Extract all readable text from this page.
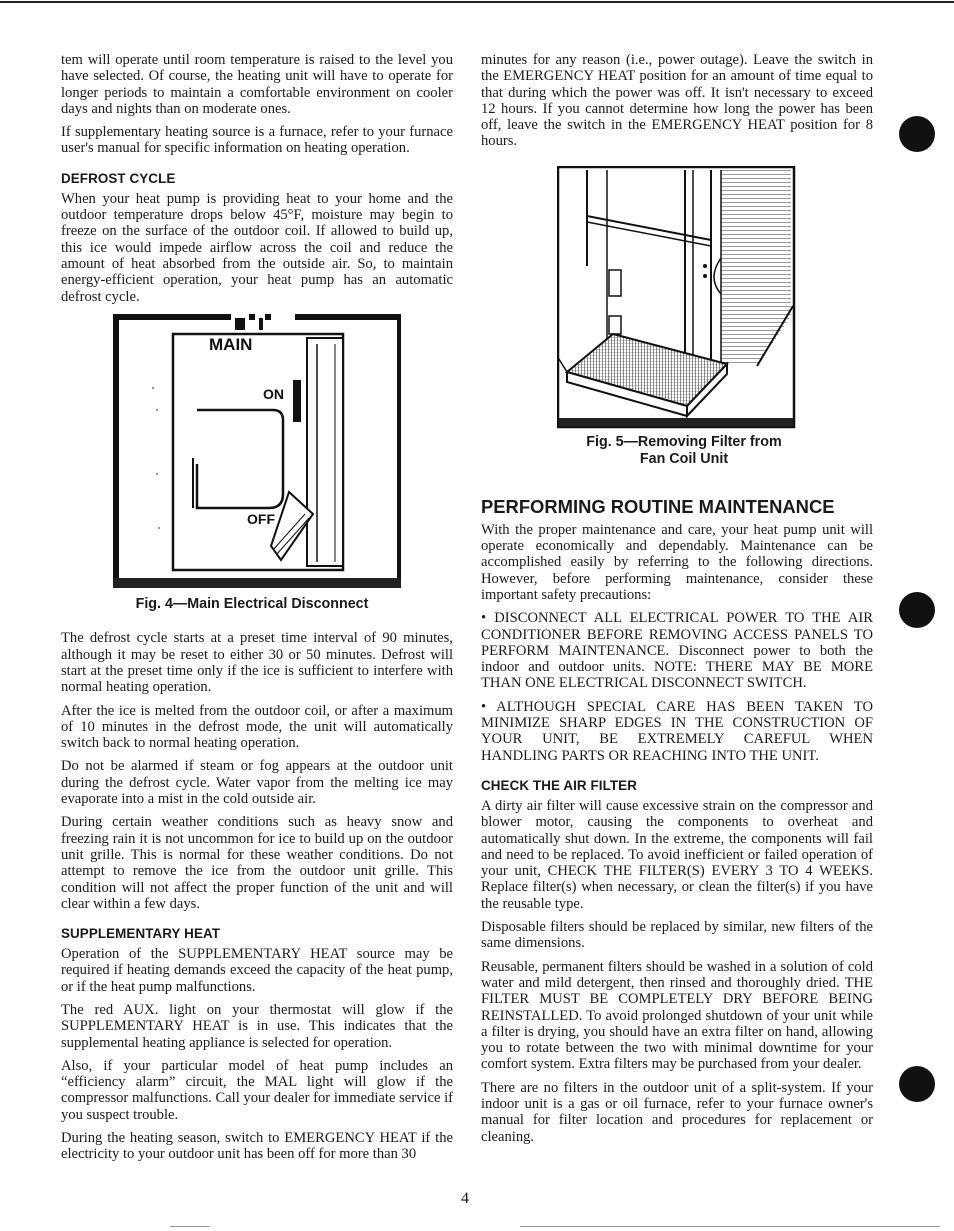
tem will operate until room temperature is raised to the level you have selected. Of course, the heating unit will have to operate for longer periods to maintain a comfortable environment on cooler days and nights than on moderate ones.

If supplementary heating source is a furnace, refer to your furnace user's manual for specific information on heating operation.

DEFROST CYCLE

When your heat pump is providing heat to your home and the outdoor temperature drops below 45°F, moisture may begin to freeze on the surface of the outdoor coil. If allowed to build up, this ice would impede airflow across the coil and reduce the amount of heat absorbed from the outside air. So, to maintain energy-efficient operation, your heat pump has an automatic defrost cycle.

MAIN
ON
OFF
Fig. 4—Main Electrical Disconnect

The defrost cycle starts at a preset time interval of 90 minutes, although it may be reset to either 30 or 50 minutes. Defrost will start at the preset time only if the ice is sufficient to interfere with normal heating operation.

After the ice is melted from the outdoor coil, or after a maximum of 10 minutes in the defrost mode, the unit will automatically switch back to normal heating operation.

Do not be alarmed if steam or fog appears at the outdoor unit during the defrost cycle. Water vapor from the melting ice may evaporate into a mist in the cold outside air.

During certain weather conditions such as heavy snow and freezing rain it is not uncommon for ice to build up on the outdoor unit grille. This is normal for these weather conditions. Do not attempt to remove the ice from the outdoor unit grille. This condition will not affect the proper function of the unit and will clear within a few days.

SUPPLEMENTARY HEAT

Operation of the SUPPLEMENTARY HEAT source may be required if heating demands exceed the capacity of the heat pump, or if the heat pump malfunctions.

The red AUX. light on your thermostat will glow if the SUPPLEMENTARY HEAT is in use. This indicates that the supplemental heating appliance is selected for operation.

Also, if your particular model of heat pump includes an “efficiency alarm” circuit, the MAL light will glow if the compressor malfunctions. Call your dealer for immediate service if you suspect trouble.

During the heating season, switch to EMERGENCY HEAT if the electricity to your outdoor unit has been off for more than 30

minutes for any reason (i.e., power outage). Leave the switch in the EMERGENCY HEAT position for an amount of time equal to that during which the power was off. It isn't necessary to exceed 12 hours. If you cannot determine how long the power has been off, leave the switch in the EMERGENCY HEAT position for 8 hours.

Fig. 5—Removing Filter from
Fan Coil Unit
PERFORMING ROUTINE MAINTENANCE

With the proper maintenance and care, your heat pump unit will operate economically and dependably. Maintenance can be accomplished easily by referring to the following directions. However, before performing maintenance, consider these important safety precautions:

• DISCONNECT ALL ELECTRICAL POWER TO THE AIR CONDITIONER BEFORE REMOVING ACCESS PANELS TO PERFORM MAINTENANCE. Disconnect power to both the indoor and outdoor units. NOTE: THERE MAY BE MORE THAN ONE ELECTRICAL DISCONNECT SWITCH.

• ALTHOUGH SPECIAL CARE HAS BEEN TAKEN TO MINIMIZE SHARP EDGES IN THE CONSTRUCTION OF YOUR UNIT, BE EXTREMELY CAREFUL WHEN HANDLING PARTS OR REACHING INTO THE UNIT.

CHECK THE AIR FILTER

A dirty air filter will cause excessive strain on the compressor and blower motor, causing the components to overheat and automatically shut down. In the extreme, the components will fail and need to be replaced. To avoid inefficient or failed operation of your unit, CHECK THE FILTER(S) EVERY 3 TO 4 WEEKS. Replace filter(s) when necessary, or clean the filter(s) if you have the reusable type.

Disposable filters should be replaced by similar, new filters of the same dimensions.

Reusable, permanent filters should be washed in a solution of cold water and mild detergent, then rinsed and thoroughly dried. THE FILTER MUST BE COMPLETELY DRY BEFORE BEING REINSTALLED. To avoid prolonged shutdown of your unit while a filter is drying, you should have an extra filter on hand, allowing you to rotate between the two with minimal downtime for your comfort system. Extra filters may be purchased from your dealer.

There are no filters in the outdoor unit of a split-system. If your indoor unit is a gas or oil furnace, refer to your furnace owner's manual for filter location and procedures for replacement or cleaning.

4
